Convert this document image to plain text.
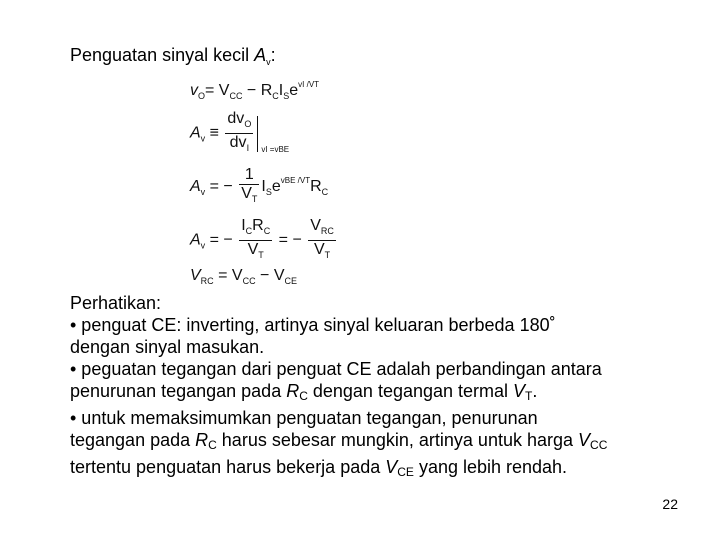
Penguatan sinyal kecil $A_v$:
$v_O= V_{CC} - R_CI_Se^{vI /VT}$
$A_v \equiv \frac{dv_O}{dv_I}$ vI =vBE
$A_v$ = − $\frac{1}{V_T} I_Se^{vBE /VT}R_C$
$A_v$ = − $\frac{I_CR_C}{V_T}$ = − $\frac{V_{RC}}{V_T}$
$V_{RC} = V_{CC} - V_{CE}$

Perhatikan:

• penguat CE: inverting, artinya sinyal keluaran berbeda 180˚

dengan sinyal masukan.

• peguatan tegangan dari penguat CE adalah perbandingan antara

penurunan tegangan pada $R_C$ dengan tegangan termal $V_T$.

• untuk memaksimumkan penguatan tegangan, penurunan

tegangan pada $R_C$ harus sebesar mungkin, artinya untuk harga $V_{CC}$

tertentu penguatan harus bekerja pada $V_{CE}$ yang lebih rendah.

22
